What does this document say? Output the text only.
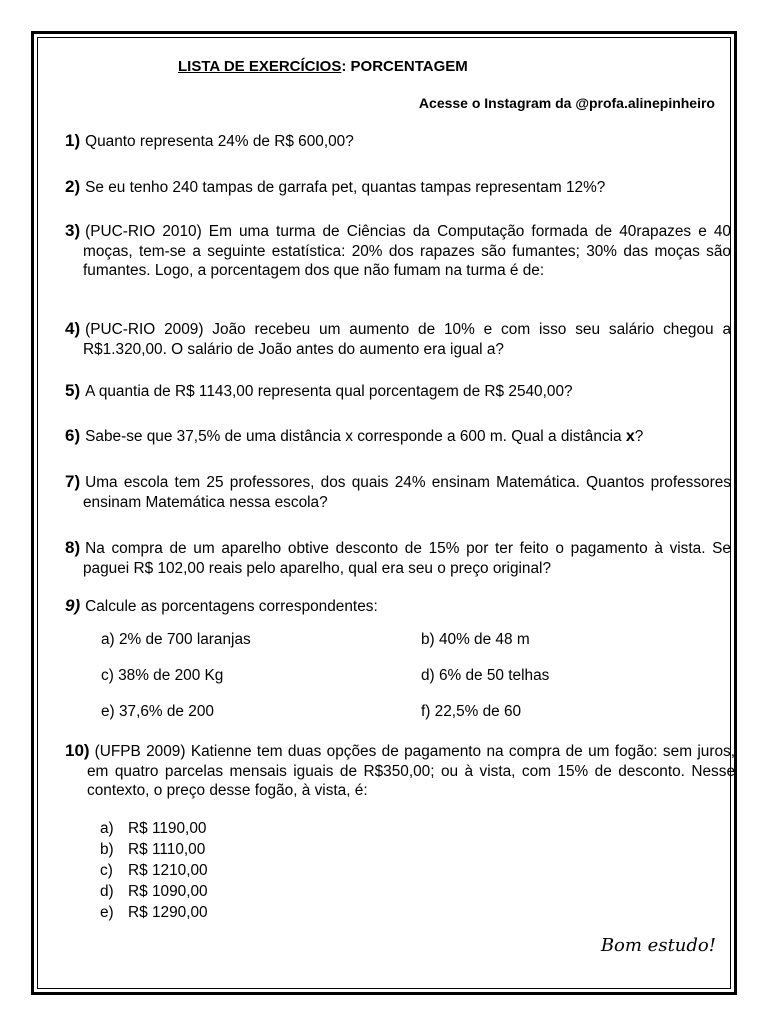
LISTA DE EXERCÍCIOS: PORCENTAGEM
Acesse o Instagram da @profa.alinepinheiro
1) Quanto representa 24% de R$ 600,00?
2) Se eu tenho 240 tampas de garrafa pet, quantas tampas representam 12%?
3) (PUC-RIO 2010) Em uma turma de Ciências da Computação formada de 40rapazes e 40 moças, tem-se a seguinte estatística: 20% dos rapazes são fumantes; 30% das moças são fumantes. Logo, a porcentagem dos que não fumam na turma é de:
4) (PUC-RIO 2009) João recebeu um aumento de 10% e com isso seu salário chegou a R$1.320,00. O salário de João antes do aumento era igual a?
5) A quantia de R$ 1143,00 representa qual porcentagem de R$ 2540,00?
6) Sabe-se que 37,5% de uma distância x corresponde a 600 m. Qual a distância x?
7) Uma escola tem 25 professores, dos quais 24% ensinam Matemática. Quantos professores ensinam Matemática nessa escola?
8) Na compra de um aparelho obtive desconto de 15% por ter feito o pagamento à vista. Se paguei R$ 102,00 reais pelo aparelho, qual era seu o preço original?
9) Calcule as porcentagens correspondentes:
a) 2% de 700 laranjas	b) 40% de 48 m
c) 38% de 200 Kg	d) 6% de 50 telhas
e) 37,6% de 200	f) 22,5% de 60
10) (UFPB 2009) Katienne tem duas opções de pagamento na compra de um fogão: sem juros, em quatro parcelas mensais iguais de R$350,00; ou à vista, com 15% de desconto. Nesse contexto, o preço desse fogão, à vista, é:
a) R$ 1190,00
b) R$ 1110,00
c) R$ 1210,00
d) R$ 1090,00
e) R$ 1290,00
Bom estudo!
